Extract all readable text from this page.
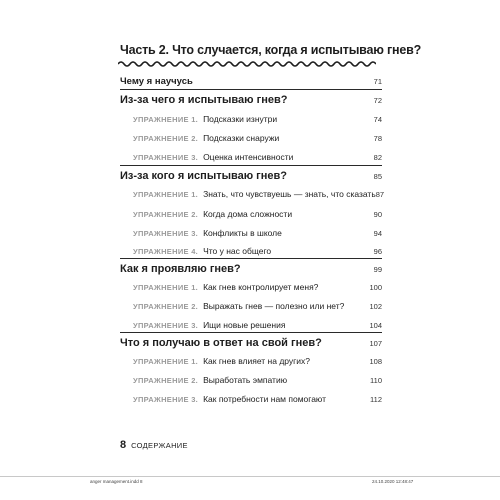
Часть 2. Что случается, когда я испытываю гнев?
Чему я научусь	71
Из-за чего я испытываю гнев?	72
УПРАЖНЕНИЕ 1. Подсказки изнутри	74
УПРАЖНЕНИЕ 2. Подсказки снаружи	78
УПРАЖНЕНИЕ 3. Оценка интенсивности	82
Из-за кого я испытываю гнев?	85
УПРАЖНЕНИЕ 1. Знать, что чувствуешь — знать, что сказать 87
УПРАЖНЕНИЕ 2. Когда дома сложности	90
УПРАЖНЕНИЕ 3. Конфликты в школе	94
УПРАЖНЕНИЕ 4. Что у нас общего	96
Как я проявляю гнев?	99
УПРАЖНЕНИЕ 1. Как гнев контролирует меня?	100
УПРАЖНЕНИЕ 2. Выражать гнев — полезно или нет?	102
УПРАЖНЕНИЕ 3. Ищи новые решения	104
Что я получаю в ответ на свой гнев?	107
УПРАЖНЕНИЕ 1. Как гнев влияет на других?	108
УПРАЖНЕНИЕ 2. Выработать эмпатию	110
УПРАЖНЕНИЕ 3. Как потребности нам помогают	112
8 СОДЕРЖАНИЕ
anger management.indd 8	24.10.2020 12:48:47
